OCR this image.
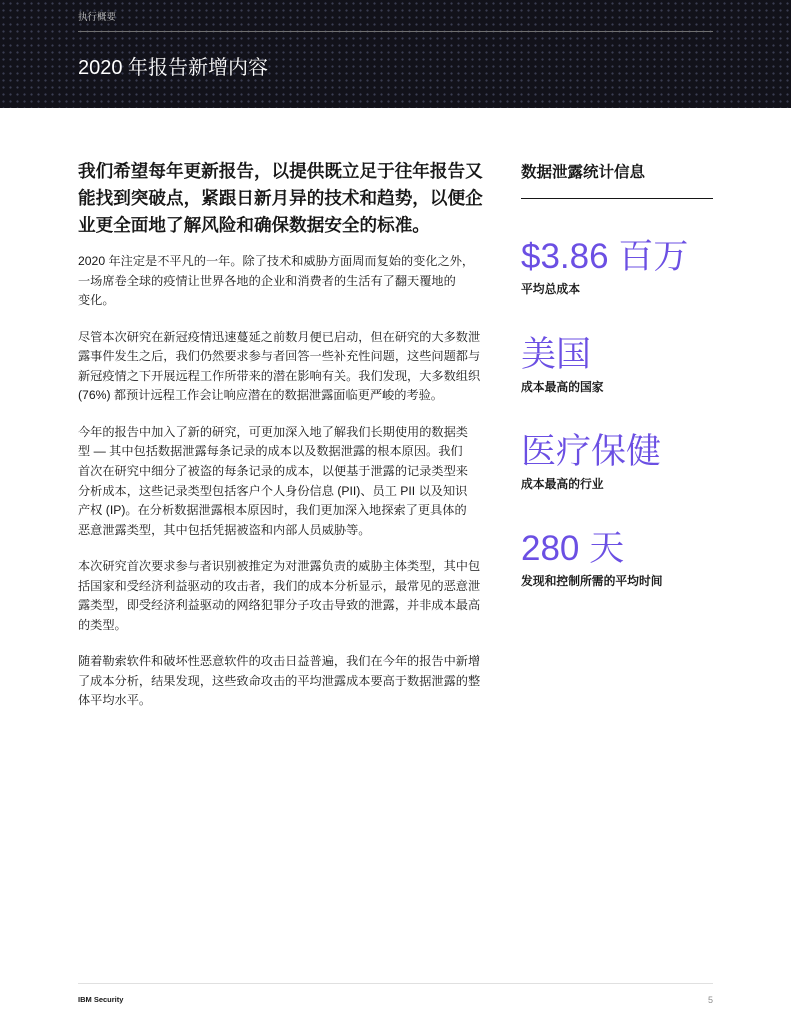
执行概要
2020 年报告新增内容
我们希望每年更新报告，以提供既立足于往年报告又
能找到突破点，紧跟日新月异的技术和趋势，以便企
业更全面地了解风险和确保数据安全的标准。
2020 年注定是不平凡的一年。除了技术和威胁方面周而复始的变化之外，
一场席卷全球的疫情让世界各地的企业和消费者的生活有了翻天覆地的
变化。
尽管本次研究在新冠疫情迅速蔓延之前数月便已启动，但在研究的大多数泄
露事件发生之后，我们仍然要求参与者回答一些补充性问题，这些问题都与
新冠疫情之下开展远程工作所带来的潜在影响有关。我们发现，大多数组织
(76%) 都预计远程工作会让响应潜在的数据泄露面临更严峻的考验。
今年的报告中加入了新的研究，可更加深入地了解我们长期使用的数据类
型 — 其中包括数据泄露每条记录的成本以及数据泄露的根本原因。我们
首次在研究中细分了被盗的每条记录的成本，以便基于泄露的记录类型来
分析成本，这些记录类型包括客户个人身份信息 (PII)、员工 PII 以及知识
产权 (IP)。在分析数据泄露根本原因时，我们更加深入地探索了更具体的
恶意泄露类型，其中包括凭据被盗和内部人员威胁等。
本次研究首次要求参与者识别被推定为对泄露负责的威胁主体类型，其中包
括国家和受经济利益驱动的攻击者，我们的成本分析显示，最常见的恶意泄
露类型，即受经济利益驱动的网络犯罪分子攻击导致的泄露，并非成本最高
的类型。
随着勒索软件和破坏性恶意软件的攻击日益普遍，我们在今年的报告中新增
了成本分析，结果发现，这些致命攻击的平均泄露成本要高于数据泄露的整
体平均水平。
数据泄露统计信息
$3.86 百万
平均总成本
美国
成本最高的国家
医疗保健
成本最高的行业
280 天
发现和控制所需的平均时间
IBM Security	5
